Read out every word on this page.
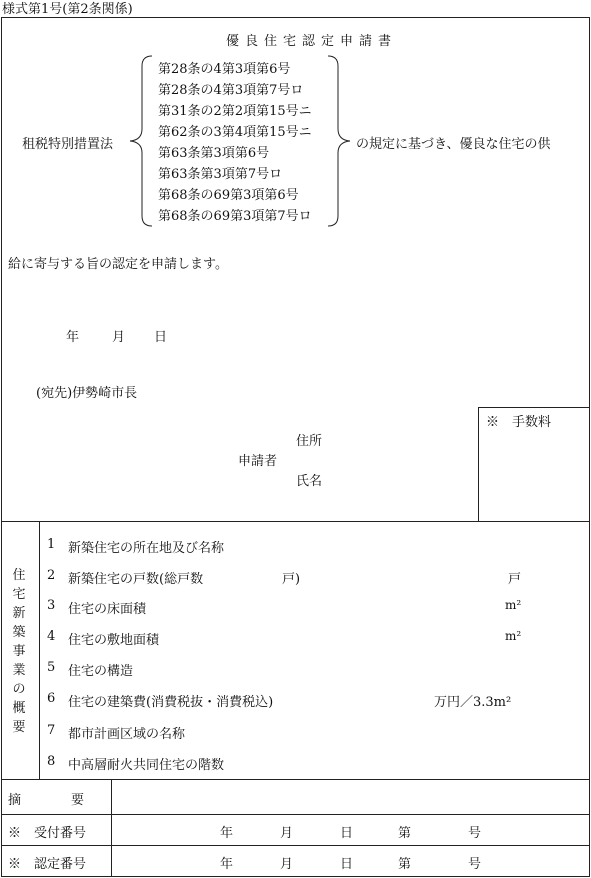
様式第1号(第2条関係)
優良住宅認定申請書
租税特別措置法
第28条の4第3項第6号
第28条の4第3項第7号ロ
第31条の2第2項第15号ニ
第62条の3第4項第15号ニ
第63条第3項第6号
第63条第3項第7号ロ
第68条の69第3項第6号
第68条の69第3項第7号ロ
の規定に基づき、優良な住宅の供
給に寄与する旨の認定を申請します。
年	月 日
(宛先)伊勢崎市長
※　手数料
住所
申請者
氏名
住宅新築事業の概要
1 新築住宅の所在地及び名称
2 新築住宅の戸数(総戸数	戸)	戸
3 住宅の床面積	m²
4 住宅の敷地面積	m²
5 住宅の構造
6 住宅の建築費(消費税抜・消費税込)	万円／3.3m²
7 都市計画区域の名称
8 中高層耐火共同住宅の階数
摘要
※　受付番号	年	月	日	第	号
※　認定番号	年	月	日	第	号
